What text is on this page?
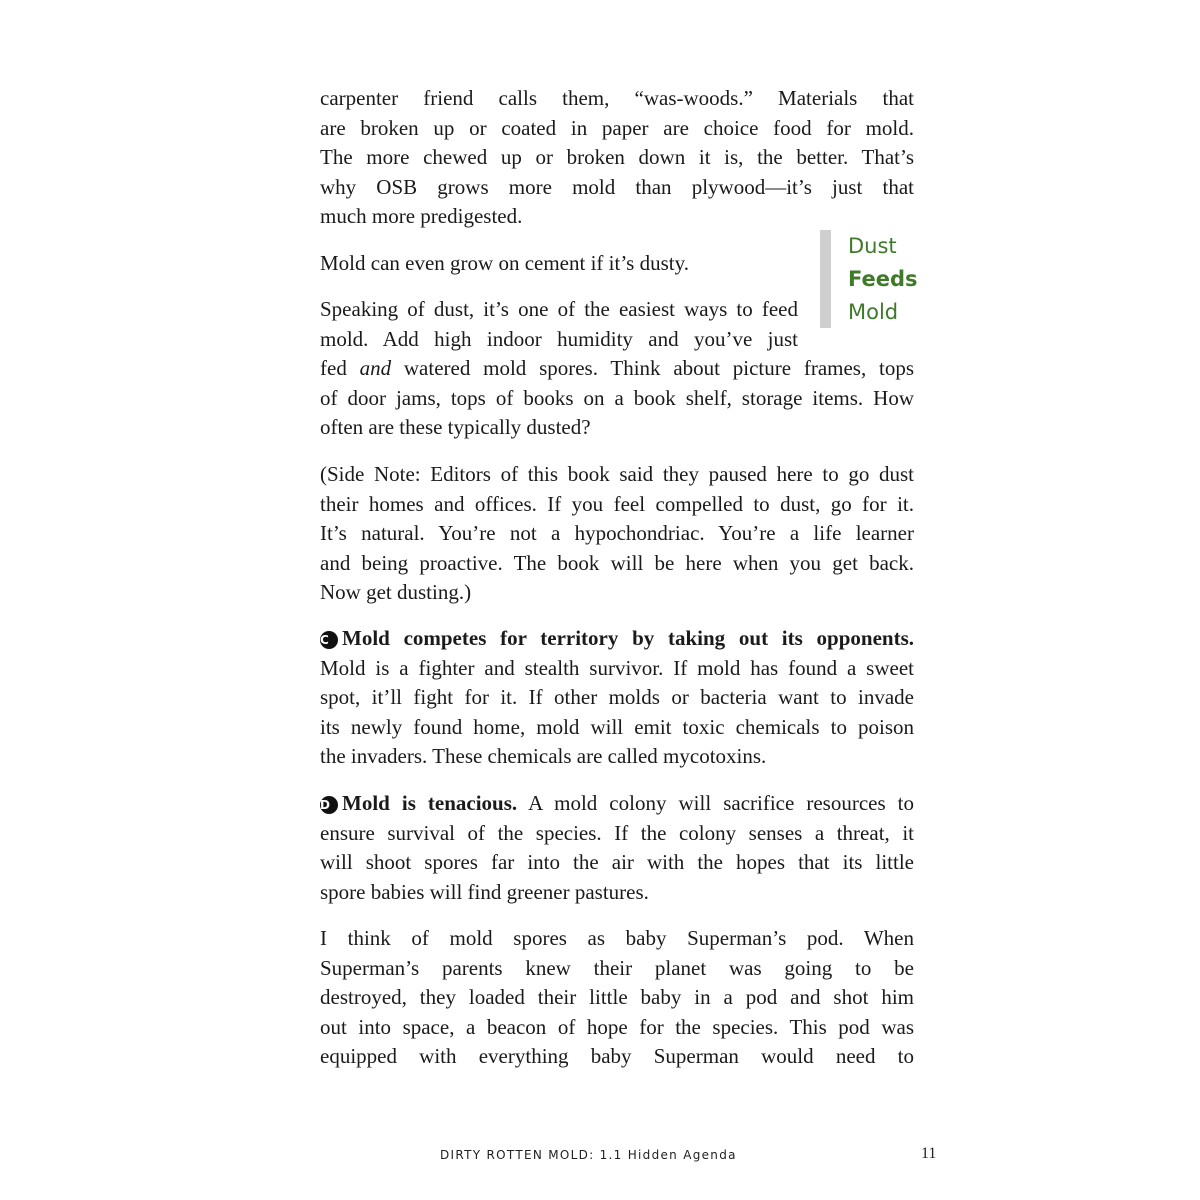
carpenter friend calls them, “was-woods.” Materials that
are broken up or coated in paper are choice food for mold.
The more chewed up or broken down it is, the better. That’s
why OSB grows more mold than plywood—it’s just that
much more predigested.
Mold can even grow on cement if it’s dusty.
Dust
Feeds
Mold
Speaking of dust, it’s one of the easiest ways to feed
mold. Add high indoor humidity and you’ve just
fed and watered mold spores. Think about picture frames, tops
of door jams, tops of books on a book shelf, storage items. How
often are these typically dusted?
(Side Note: Editors of this book said they paused here to go dust
their homes and offices. If you feel compelled to dust, go for it.
It’s natural. You’re not a hypochondriac. You’re a life learner
and being proactive. The book will be here when you get back.
Now get dusting.)
C Mold competes for territory by taking out its opponents.
Mold is a fighter and stealth survivor. If mold has found a sweet
spot, it’ll fight for it. If other molds or bacteria want to invade
its newly found home, mold will emit toxic chemicals to poison
the invaders. These chemicals are called mycotoxins.
D Mold is tenacious. A mold colony will sacrifice resources to
ensure survival of the species. If the colony senses a threat, it
will shoot spores far into the air with the hopes that its little
spore babies will find greener pastures.
I think of mold spores as baby Superman’s pod. When
Superman’s parents knew their planet was going to be
destroyed, they loaded their little baby in a pod and shot him
out into space, a beacon of hope for the species. This pod was
equipped with everything baby Superman would need to
DIRTY ROTTEN MOLD: 1.1 Hidden Agenda	11
